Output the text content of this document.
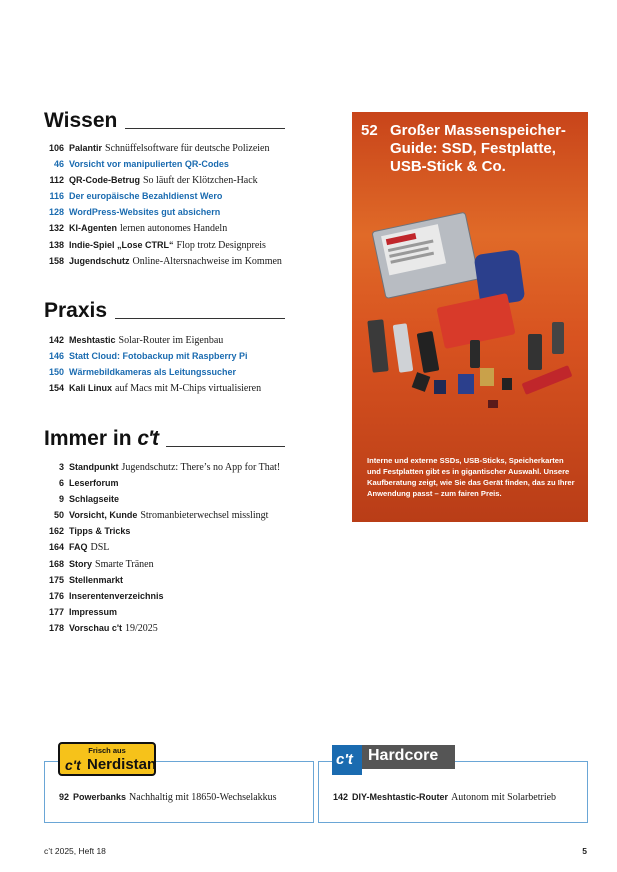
Wissen
106 Palantir Schnüffelsoftware für deutsche Polizeien
46 Vorsicht vor manipulierten QR-Codes
112 QR-Code-Betrug So läuft der Klötzchen-Hack
116 Der europäische Bezahldienst Wero
128 WordPress-Websites gut absichern
132 KI-Agenten lernen autonomes Handeln
138 Indie-Spiel „Lose CTRL“ Flop trotz Designpreis
158 Jugendschutz Online-Altersnachweise im Kommen
Praxis
142 Meshtastic Solar-Router im Eigenbau
146 Statt Cloud: Fotobackup mit Raspberry Pi
150 Wärmebildkameras als Leitungssucher
154 Kali Linux auf Macs mit M-Chips virtualisieren
Immer in c't
3 Standpunkt Jugendschutz: There’s no App for That!
6 Leserforum
9 Schlagseite
50 Vorsicht, Kunde Stromanbieterwechsel misslingt
162 Tipps & Tricks
164 FAQ DSL
168 Story Smarte Tränen
175 Stellenmarkt
176 Inserentenverzeichnis
177 Impressum
178 Vorschau c't 19/2025
52 Großer Massenspeicher-Guide: SSD, Festplatte, USB-Stick & Co.
Interne und externe SSDs, USB-Sticks, Speicherkarten und Festplatten gibt es in gigantischer Auswahl. Unsere Kaufberatung zeigt, wie Sie das Gerät finden, das zu Ihrer Anwendung passt – zum fairen Preis.
92 Powerbanks Nachhaltig mit 18650-Wechselakkus
Frisch aus
c't Nerdistan
142 DIY-Meshtastic-Router Autonom mit Solarbetrieb
c't Hardcore
c’t 2025, Heft 18	5
